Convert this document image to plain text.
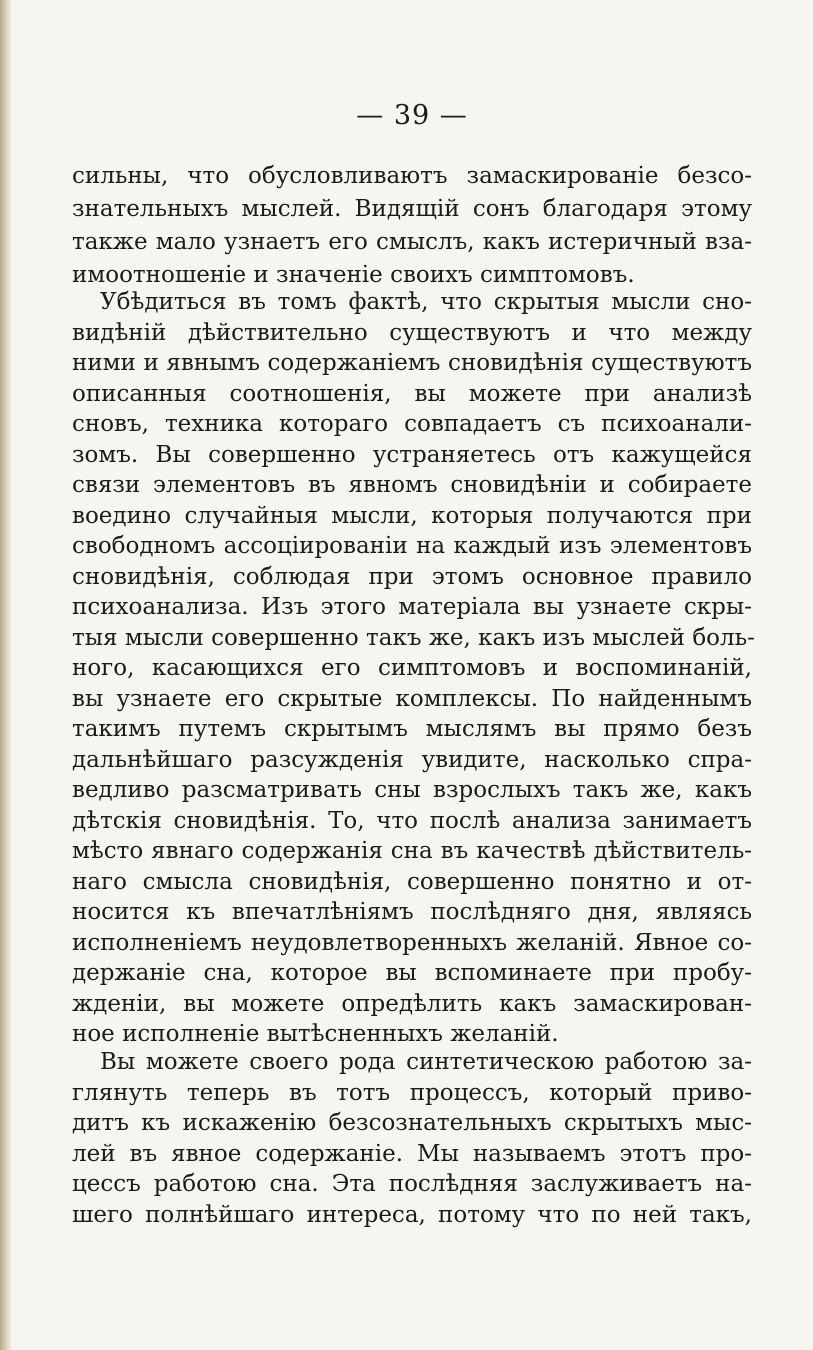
— 39 —
сильны, что обусловливаютъ замаскированіе безсо-
знательныхъ мыслей. Видящій сонъ благодаря этому
также мало узнаетъ его смыслъ, какъ истеричный вза-
имоотношеніе и значеніе своихъ симптомовъ.
Убѣдиться въ томъ фактѣ, что скрытыя мысли сно-
видѣній дѣйствительно существуютъ и что между
ними и явнымъ содержаніемъ сновидѣнія существуютъ
описанныя соотношенія, вы можете при анализѣ
сновъ, техника котораго совпадаетъ съ психоанали-
зомъ. Вы совершенно устраняетесь отъ кажущейся
связи элементовъ въ явномъ сновидѣніи и собираете
воедино случайныя мысли, которыя получаются при
свободномъ ассоціированіи на каждый изъ элементовъ
сновидѣнія, соблюдая при этомъ основное правило
психоанализа. Изъ этого матеріала вы узнаете скры-
тыя мысли совершенно такъ же, какъ изъ мыслей боль-
ного, касающихся его симптомовъ и воспоминаній,
вы узнаете его скрытые комплексы. По найденнымъ
такимъ путемъ скрытымъ мыслямъ вы прямо безъ
дальнѣйшаго разсужденія увидите, насколько спра-
ведливо разсматривать сны взрослыхъ такъ же, какъ
дѣтскія сновидѣнія. То, что послѣ анализа занимаетъ
мѣсто явнаго содержанія сна въ качествѣ дѣйствитель-
наго смысла сновидѣнія, совершенно понятно и от-
носится къ впечатлѣніямъ послѣдняго дня, являясь
исполненіемъ неудовлетворенныхъ желаній. Явное со-
держаніе сна, которое вы вспоминаете при пробу-
жденіи, вы можете опредѣлить какъ замаскирован-
ное исполненіе вытѣсненныхъ желаній.
Вы можете своего рода синтетическою работою за-
глянуть теперь въ тотъ процессъ, который приво-
дитъ къ искаженію безсознательныхъ скрытыхъ мыс-
лей въ явное содержаніе. Мы называемъ этотъ про-
цессъ работою сна. Эта послѣдняя заслуживаетъ на-
шего полнѣйшаго интереса, потому что по ней такъ,
